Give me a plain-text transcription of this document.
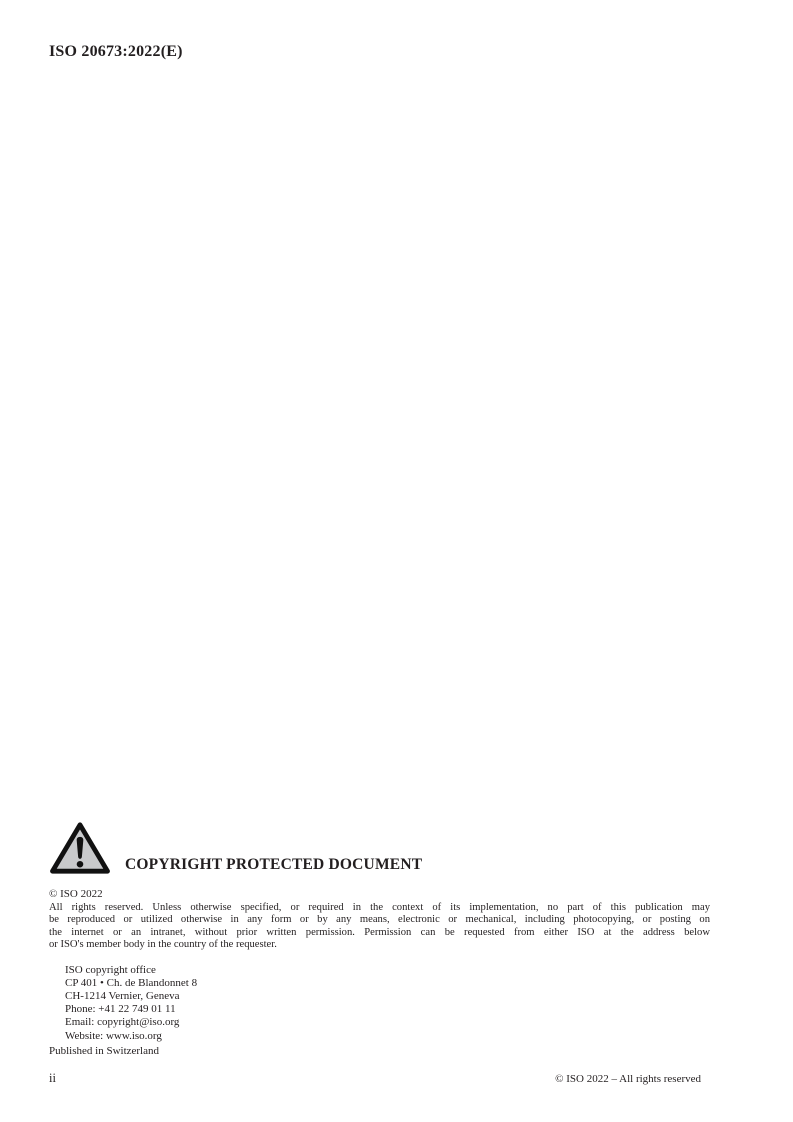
ISO 20673:2022(E)
COPYRIGHT PROTECTED DOCUMENT
© ISO 2022
All rights reserved. Unless otherwise specified, or required in the context of its implementation, no part of this publication may
be reproduced or utilized otherwise in any form or by any means, electronic or mechanical, including photocopying, or posting on
the internet or an intranet, without prior written permission. Permission can be requested from either ISO at the address below
or ISO's member body in the country of the requester.
ISO copyright office
CP 401 • Ch. de Blandonnet 8
CH-1214 Vernier, Geneva
Phone: +41 22 749 01 11
Email: copyright@iso.org
Website: www.iso.org
Published in Switzerland
ii	© ISO 2022 – All rights reserved
